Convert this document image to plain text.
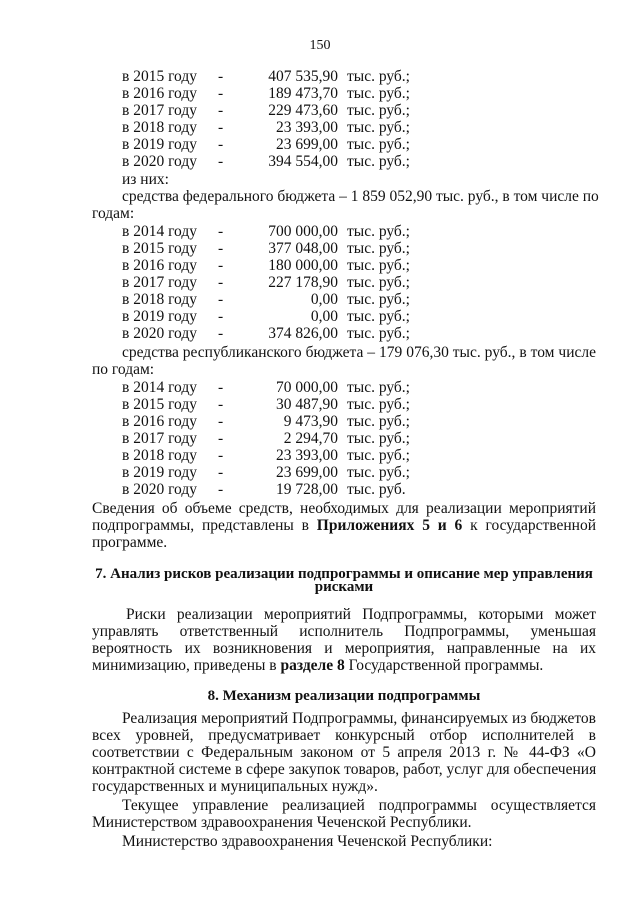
150
в 2015 году -	407 535,90 тыс. руб.;
в 2016 году -	189 473,70 тыс. руб.;
в 2017 году -	229 473,60 тыс. руб.;
в 2018 году -	23 393,00 тыс. руб.;
в 2019 году -	23 699,00 тыс. руб.;
в 2020 году -	394 554,00 тыс. руб.;
из них:
средства федерального бюджета – 1 859 052,90 тыс. руб., в том числе по
годам:
в 2014 году -	700 000,00 тыс. руб.;
в 2015 году -	377 048,00 тыс. руб.;
в 2016 году -	180 000,00 тыс. руб.;
в 2017 году -	227 178,90 тыс. руб.;
в 2018 году -	0,00 тыс. руб.;
в 2019 году -	0,00 тыс. руб.;
в 2020 году -	374 826,00 тыс. руб.;
средства республиканского бюджета – 179 076,30 тыс. руб., в том числе
по годам:
в 2014 году -	70 000,00 тыс. руб.;
в 2015 году -	30 487,90 тыс. руб.;
в 2016 году -	9 473,90 тыс. руб.;
в 2017 году -	2 294,70 тыс. руб.;
в 2018 году -	23 393,00 тыс. руб.;
в 2019 году -	23 699,00 тыс. руб.;
в 2020 году -	19 728,00 тыс. руб.
Сведения об объеме средств, необходимых для реализации мероприятий
подпрограммы, представлены в Приложениях 5 и 6 к государственной
программе.
7. Анализ рисков реализации подпрограммы и описание мер управления
рисками
Риски реализации мероприятий Подпрограммы, которыми может
управлять ответственный исполнитель Подпрограммы, уменьшая
вероятность их возникновения и мероприятия, направленные на их
минимизацию, приведены в разделе 8 Государственной программы.
8. Механизм реализации подпрограммы
Реализация мероприятий Подпрограммы, финансируемых из бюджетов
всех уровней, предусматривает конкурсный отбор исполнителей в
соответствии с Федеральным законом от 5 апреля 2013 г. № 44-ФЗ «О
контрактной системе в сфере закупок товаров, работ, услуг для обеспечения
государственных и муниципальных нужд».
Текущее управление реализацией подпрограммы осуществляется
Министерством здравоохранения Чеченской Республики.
Министерство здравоохранения Чеченской Республики:
